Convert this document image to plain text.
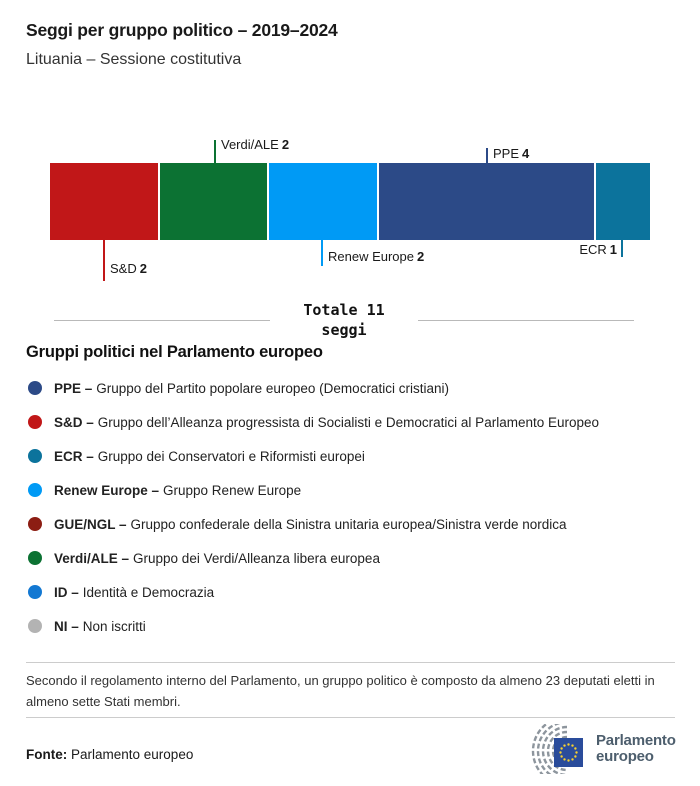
Seggi per gruppo politico – 2019–2024
Lituania – Sessione costitutiva
Verdi/ALE 2
PPE 4
S&D 2
Renew Europe 2	ECR 1
Totale 11
seggi
Gruppi politici nel Parlamento europeo
PPE – Gruppo del Partito popolare europeo (Democratici cristiani)
S&D – Gruppo dell’Alleanza progressista di Socialisti e Democratici al Parlamento Europeo
ECR – Gruppo dei Conservatori e Riformisti europei
Renew Europe – Gruppo Renew Europe
GUE/NGL – Gruppo confederale della Sinistra unitaria europea/Sinistra verde nordica
Verdi/ALE – Gruppo dei Verdi/Alleanza libera europea
ID – Identità e Democrazia
NI – Non iscritti
Secondo il regolamento interno del Parlamento, un gruppo politico è composto da almeno 23 deputati eletti in almeno sette Stati membri.
Fonte: Parlamento europeo
Parlamento
europeo
